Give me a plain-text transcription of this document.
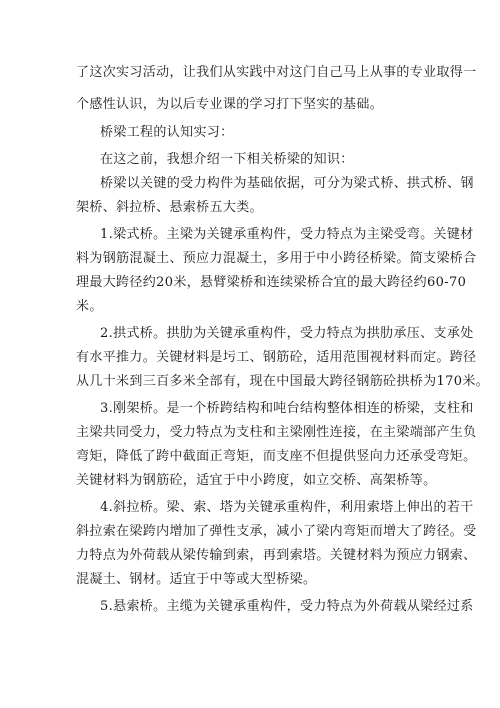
了这次实习活动，让我们从实践中对这门自己马上从事的专业取得一
个感性认识，为以后专业课的学习打下坚实的基础。
桥梁工程的认知实习：
在这之前，我想介绍一下相关桥梁的知识：
桥梁以关键的受力构件为基础依据，可分为梁式桥、拱式桥、钢
架桥、斜拉桥、悬索桥五大类。
1.梁式桥。主梁为关键承重构件，受力特点为主梁受弯。关键材
料为钢筋混凝土、预应力混凝土，多用于中小跨径桥梁。简支梁桥合
理最大跨径约20米，悬臂梁桥和连续梁桥合宜的最大跨径约60-70
米。
2.拱式桥。拱肋为关键承重构件，受力特点为拱肋承压、支承处
有水平推力。关键材料是圬工、钢筋砼，适用范围视材料而定。跨径
从几十米到三百多米全部有，现在中国最大跨径钢筋砼拱桥为170米。
3.刚架桥。是一个桥跨结构和吨台结构整体相连的桥梁，支柱和
主梁共同受力，受力特点为支柱和主梁刚性连接，在主梁端部产生负
弯矩，降低了跨中截面正弯矩，而支座不但提供竖向力还承受弯矩。
关键材料为钢筋砼，适宜于中小跨度，如立交桥、高架桥等。
4.斜拉桥。梁、索、塔为关键承重构件，利用索塔上伸出的若干
斜拉索在梁跨内增加了弹性支承，减小了梁内弯矩而增大了跨径。受
力特点为外荷载从梁传输到索，再到索塔。关键材料为预应力钢索、
混凝土、钢材。适宜于中等或大型桥梁。
5.悬索桥。主缆为关键承重构件，受力特点为外荷载从梁经过系
